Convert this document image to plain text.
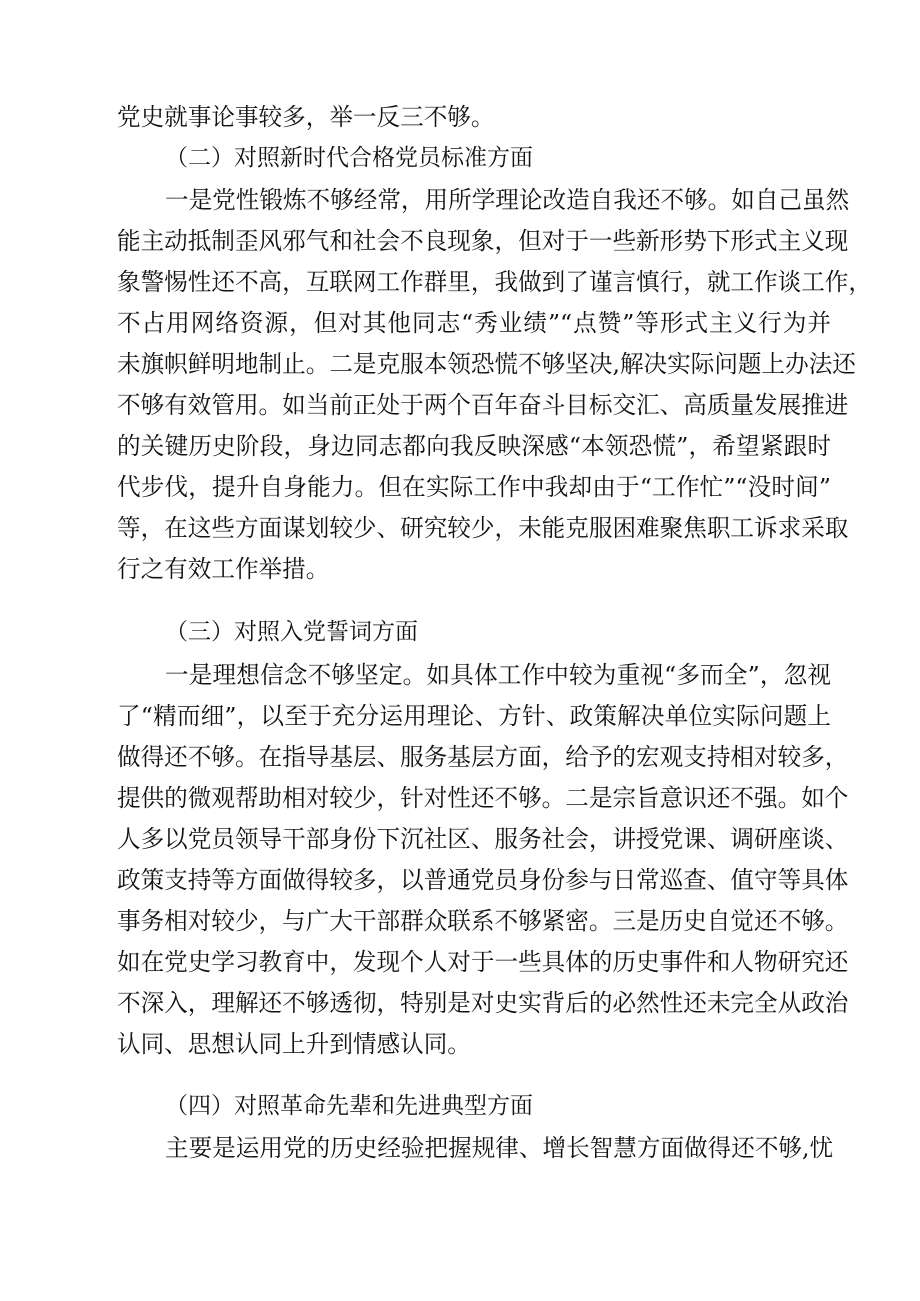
党史就事论事较多，举一反三不够。
（二）对照新时代合格党员标准方面
一是党性锻炼不够经常，用所学理论改造自我还不够。如自己虽然
能主动抵制歪风邪气和社会不良现象，但对于一些新形势下形式主义现
象警惕性还不高，互联网工作群里，我做到了谨言慎行，就工作谈工作，
不占用网络资源，但对其他同志“秀业绩”“点赞”等形式主义行为并
未旗帜鲜明地制止。二是克服本领恐慌不够坚决,解决实际问题上办法还
不够有效管用。如当前正处于两个百年奋斗目标交汇、高质量发展推进
的关键历史阶段，身边同志都向我反映深感“本领恐慌”，希望紧跟时
代步伐，提升自身能力。但在实际工作中我却由于“工作忙”“没时间”
等，在这些方面谋划较少、研究较少，未能克服困难聚焦职工诉求采取
行之有效工作举措。
（三）对照入党誓词方面
一是理想信念不够坚定。如具体工作中较为重视“多而全”，忽视
了“精而细”，以至于充分运用理论、方针、政策解决单位实际问题上
做得还不够。在指导基层、服务基层方面，给予的宏观支持相对较多，
提供的微观帮助相对较少，针对性还不够。二是宗旨意识还不强。如个
人多以党员领导干部身份下沉社区、服务社会，讲授党课、调研座谈、
政策支持等方面做得较多，以普通党员身份参与日常巡查、值守等具体
事务相对较少，与广大干部群众联系不够紧密。三是历史自觉还不够。
如在党史学习教育中，发现个人对于一些具体的历史事件和人物研究还
不深入，理解还不够透彻，特别是对史实背后的必然性还未完全从政治
认同、思想认同上升到情感认同。
（四）对照革命先辈和先进典型方面
主要是运用党的历史经验把握规律、增长智慧方面做得还不够,忧
